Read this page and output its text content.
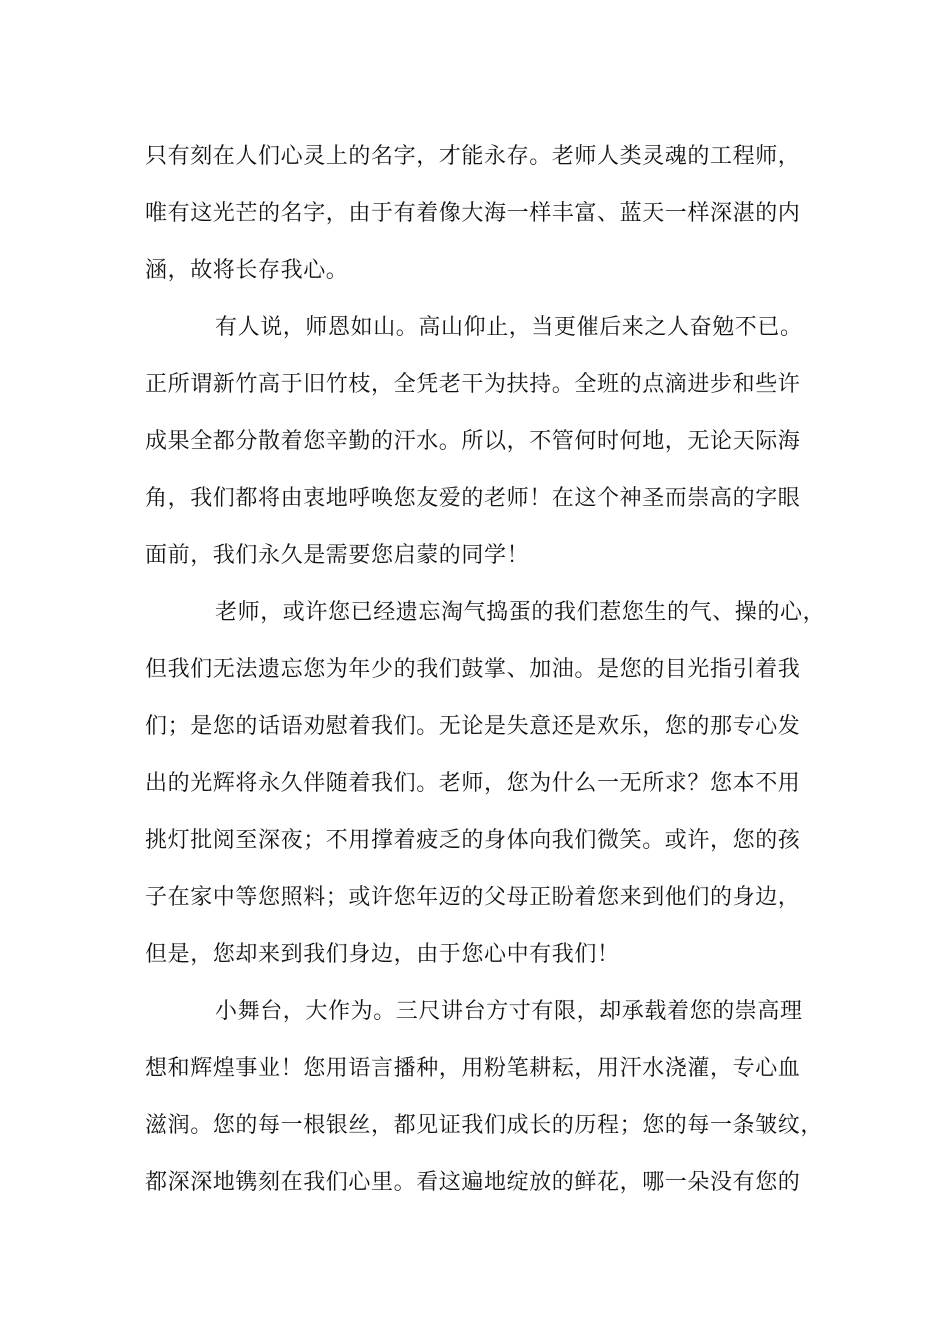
只有刻在人们心灵上的名字，才能永存。老师人类灵魂的工程师，
唯有这光芒的名字，由于有着像大海一样丰富、蓝天一样深湛的内
涵，故将长存我心。
有人说，师恩如山。高山仰止，当更催后来之人奋勉不已。
正所谓新竹高于旧竹枝，全凭老干为扶持。全班的点滴进步和些许
成果全都分散着您辛勤的汗水。所以，不管何时何地，无论天际海
角，我们都将由衷地呼唤您友爱的老师！在这个神圣而崇高的字眼
面前，我们永久是需要您启蒙的同学！
老师，或许您已经遗忘淘气捣蛋的我们惹您生的气、操的心，
但我们无法遗忘您为年少的我们鼓掌、加油。是您的目光指引着我
们；是您的话语劝慰着我们。无论是失意还是欢乐，您的那专心发
出的光辉将永久伴随着我们。老师，您为什么一无所求？您本不用
挑灯批阅至深夜；不用撑着疲乏的身体向我们微笑。或许，您的孩
子在家中等您照料；或许您年迈的父母正盼着您来到他们的身边，
但是，您却来到我们身边，由于您心中有我们！
小舞台，大作为。三尺讲台方寸有限，却承载着您的崇高理
想和辉煌事业！您用语言播种，用粉笔耕耘，用汗水浇灌，专心血
滋润。您的每一根银丝，都见证我们成长的历程；您的每一条皱纹，
都深深地镌刻在我们心里。看这遍地绽放的鲜花，哪一朵没有您的
